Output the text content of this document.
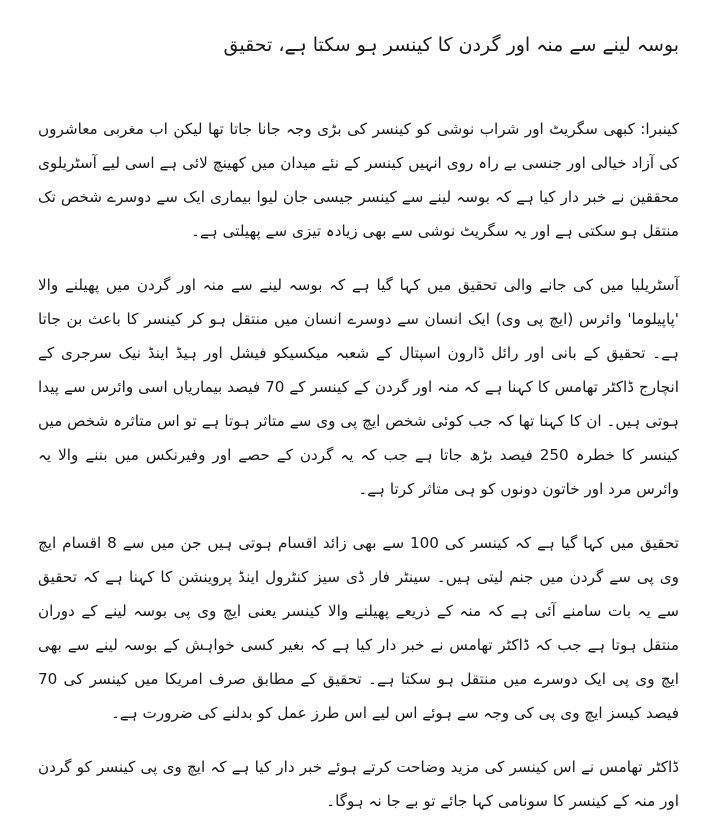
بوسہ لینے سے منہ اور گردن کا کینسر ہو سکتا ہے، تحقیق

کینبرا: کبھی سگریٹ اور شراب نوشی کو کینسر کی بڑی وجہ جانا جاتا تھا لیکن اب مغربی معاشروں کی آزاد خیالی اور جنسی بے راہ روی انہیں کینسر کے نئے میدان میں کھینچ لائی ہے اسی لیے آسٹریلوی محققین نے خبر دار کیا ہے کہ بوسہ لینے سے کینسر جیسی جان لیوا بیماری ایک سے دوسرے شخص تک منتقل ہو سکتی ہے اور یہ سگریٹ نوشی سے بھی زیادہ تیزی سے پھیلتی ہے۔

آسٹریلیا میں کی جانے والی تحقیق میں کہا گیا ہے کہ بوسہ لینے سے منہ اور گردن میں پھیلنے والا 'پاپیلوما' وائرس (ایچ پی وی) ایک انسان سے دوسرے انسان میں منتقل ہو کر کینسر کا باعث بن جاتا ہے۔ تحقیق کے بانی اور رائل ڈارون اسپتال کے شعبہ میکسیکو فیشل اور ہیڈ اینڈ نیک سرجری کے انچارج ڈاکٹر تھامس کا کہنا ہے کہ منہ اور گردن کے کینسر کے 70 فیصد بیماریاں اسی وائرس سے پیدا ہوتی ہیں۔ ان کا کہنا تھا کہ جب کوئی شخص ایچ پی وی سے متاثر ہوتا ہے تو اس متاثرہ شخص میں کینسر کا خطرہ 250 فیصد بڑھ جاتا ہے جب کہ یہ گردن کے حصے اور وفیرنکس میں بننے والا یہ وائرس مرد اور خاتون دونوں کو ہی متاثر کرتا ہے۔

تحقیق میں کہا گیا ہے کہ کینسر کی 100 سے بھی زائد اقسام ہوتی ہیں جن میں سے 8 اقسام ایچ وی پی سے گردن میں جنم لیتی ہیں۔ سینٹر فار ڈی سیز کنٹرول اینڈ پروینشن کا کہنا ہے کہ تحقیق سے یہ بات سامنے آئی ہے کہ منہ کے ذریعے پھیلنے والا کینسر یعنی ایچ وی پی بوسہ لینے کے دوران منتقل ہوتا ہے جب کہ ڈاکٹر تھامس نے خبر دار کیا ہے کہ بغیر کسی خواہش کے بوسہ لینے سے بھی ایچ وی پی ایک دوسرے میں منتقل ہو سکتا ہے۔ تحقیق کے مطابق صرف امریکا میں کینسر کی 70 فیصد کیسز ایچ وی پی کی وجہ سے ہوئے اس لیے اس طرز عمل کو بدلنے کی ضرورت ہے۔

ڈاکٹر تھامس نے اس کینسر کی مزید وضاحت کرتے ہوئے خبر دار کیا ہے کہ ایچ وی پی کینسر کو گردن اور منہ کے کینسر کا سونامی کہا جائے تو بے جا نہ ہوگا۔
